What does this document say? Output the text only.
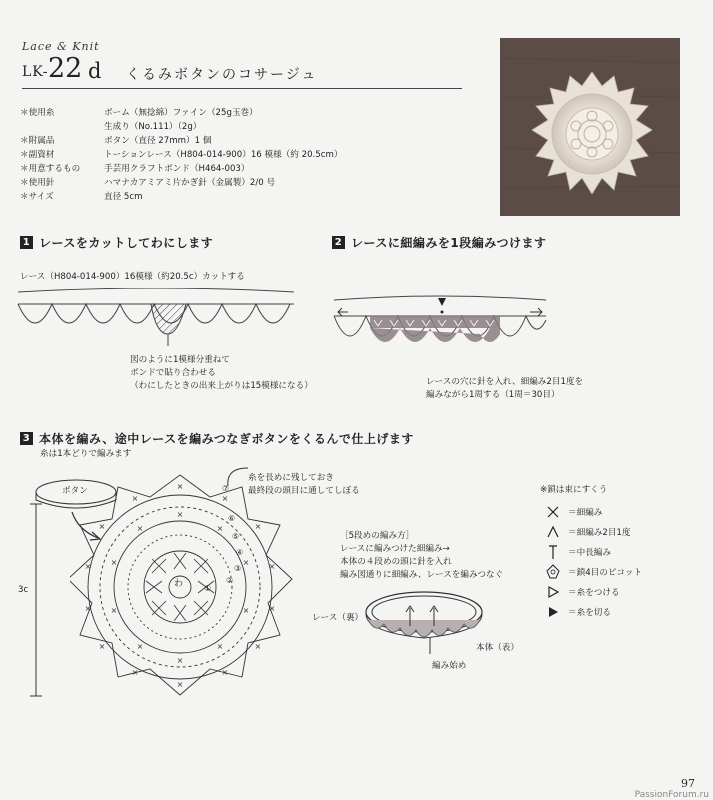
Lace & Knit
LK- 22 d くるみボタンのコサージュ
＊使用糸	ボーム（無捻綿）ファイン（25g玉巻）
生成り（No.111）（2g）
＊附属品	ボタン（直径 27mm）1 個
＊副資材	トーションレース（H804-014-900）16 模様（約 20.5cm）
＊用意するもの	手芸用クラフトボンド（H464-003）
＊使用針	ハマナカアミアミ片かぎ針（金属製）2/0 号
＊サイズ	直径 5cm
1 レースをカットしてわにします
レース（H804-014-900）16模様（約20.5c）カットする
図のように1模様分重ねて
ボンドで貼り合わせる
（わにしたときの出来上がりは15模様になる）
2 レースに細編みを1段編みつけます
レースの穴に針を入れ、細編み2目1度を
編みながら1周する（1周＝30目）
3 本体を編み、途中レースを編みつなぎボタンをくるんで仕上げます
糸は1本どりで編みます
ボタン
3c
×
×
×
×
×
×
×
×
×
×
×
×
×
×
×
×
×
×
×
×
×
×
×
×
わ
⑦
⑥
⑤
④
③
②
①
糸を長めに残しておき
最終段の頭目に通してしぼる
［5段めの編み方］
レースに編みつけた細編み→
本体の４段めの頭に針を入れ
編み図通りに細編み、レースを編みつなぐ
レース（裏）
本体（表）
編み始め
※鎖は束にすくう
＝細編み
＝細編み2目1度
＝中長編み
＝鎖4目のピコット
＝糸をつける
＝糸を切る
97
PassionForum.ru
